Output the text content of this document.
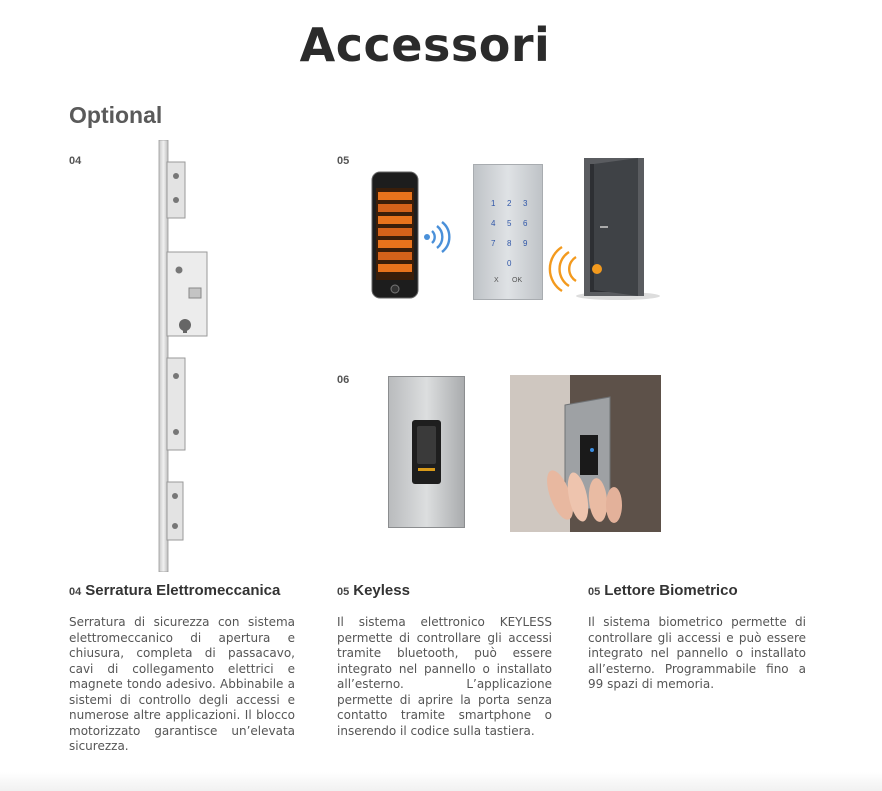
Accessori
Optional
04	05
06
1 2 3
4 5 6
7 8 9
0
X OK
04 Serratura Elettromeccanica
Serratura di sicurezza con sistema elettromeccanico di apertura e chiusura, completa di passacavo, cavi di collegamento elettrici e magnete tondo adesivo. Abbinabile a sistemi di controllo degli accessi e numerose altre applicazioni. Il blocco motorizzato garantisce un’elevata sicurezza.
05 Keyless
Il sistema elettronico KEYLESS permette di controllare gli accessi tramite bluetooth, può essere integrato nel pannello o installato all’esterno. L’applicazione permette di aprire la porta senza contatto tramite smartphone o inserendo il codice sulla tastiera.
05 Lettore Biometrico
Il sistema biometrico permette di controllare gli accessi e può essere integrato nel pannello o installato all’esterno. Programmabile fino a 99 spazi di memoria.
